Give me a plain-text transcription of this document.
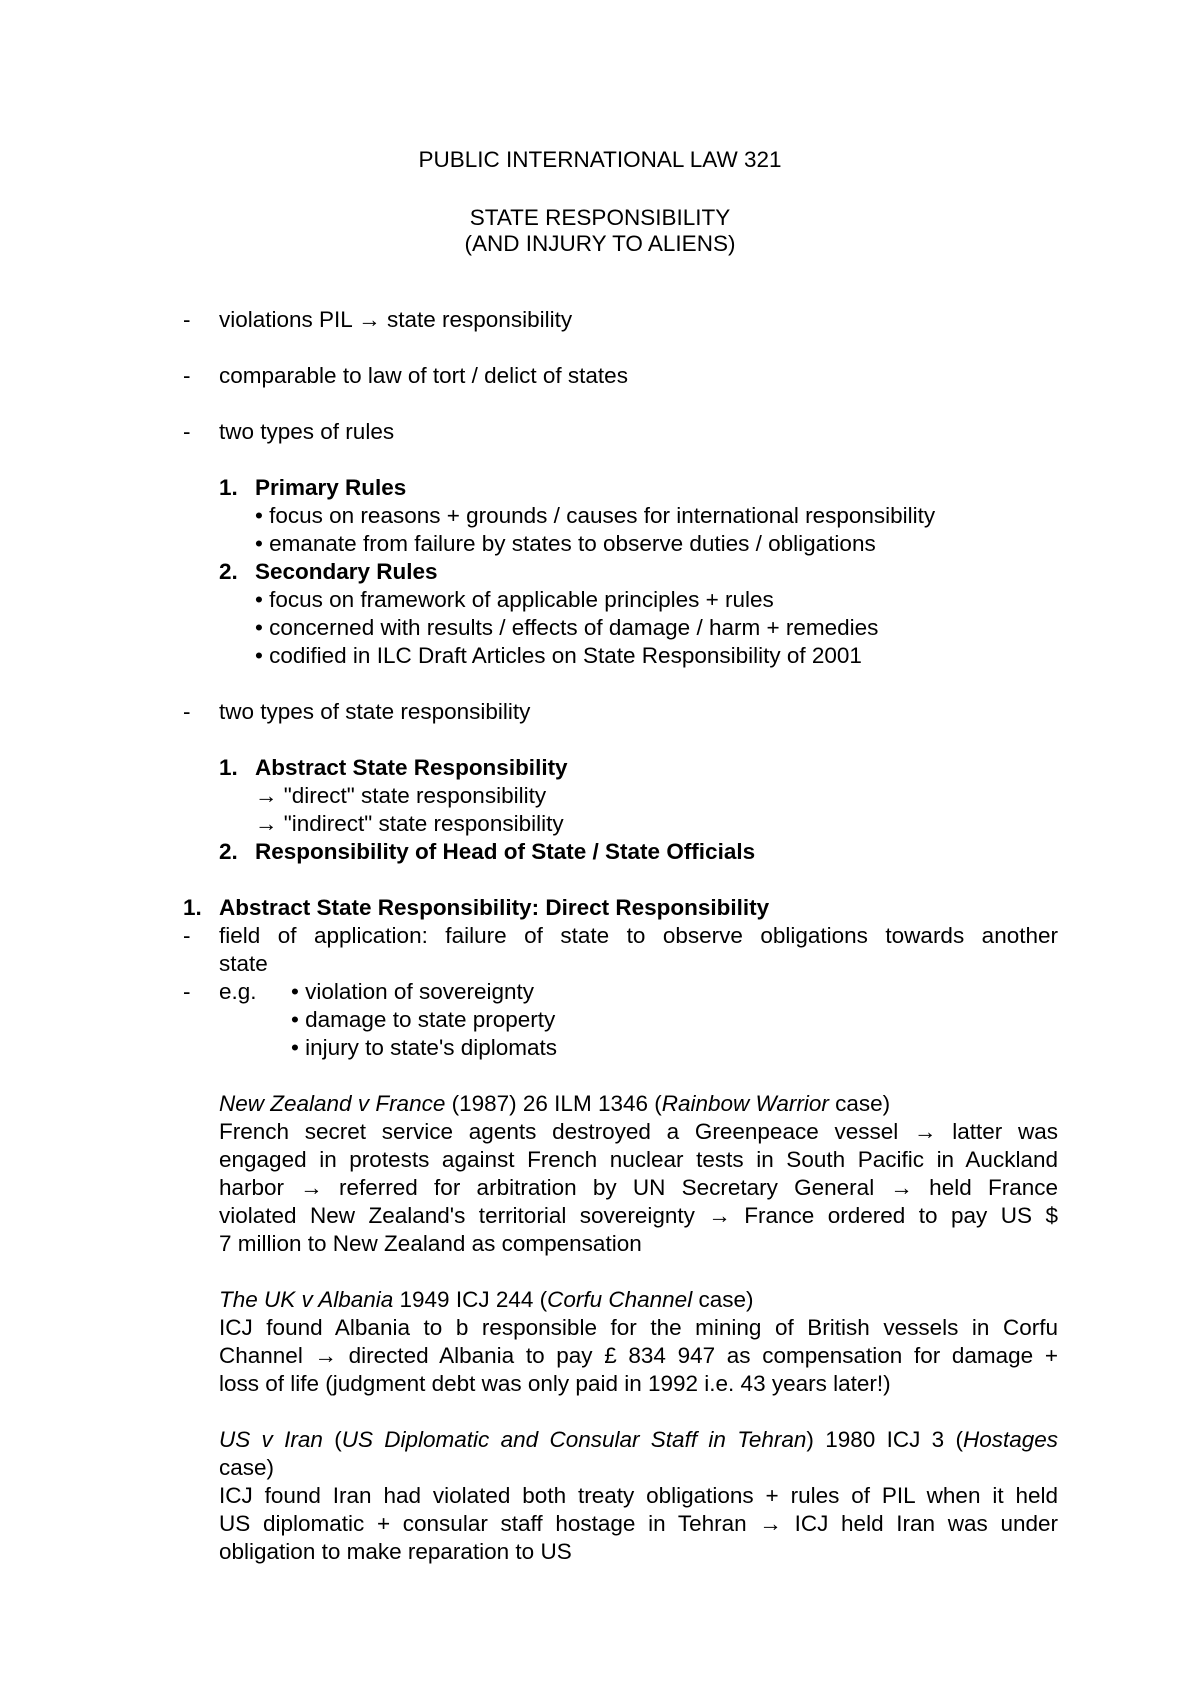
PUBLIC INTERNATIONAL LAW 321
STATE RESPONSIBILITY
(AND INJURY TO ALIENS)
- violations PIL → state responsibility
- comparable to law of tort / delict of states
- two types of rules
1. Primary Rules
• focus on reasons + grounds / causes for international responsibility
• emanate from failure by states to observe duties / obligations
2. Secondary Rules
• focus on framework of applicable principles + rules
• concerned with results / effects of damage / harm + remedies
• codified in ILC Draft Articles on State Responsibility of 2001
- two types of state responsibility
1. Abstract State Responsibility
→ "direct" state responsibility
→ "indirect" state responsibility
2. Responsibility of Head of State / State Officials
1. Abstract State Responsibility: Direct Responsibility
- field of application: failure of state to observe obligations towards another
state
- e.g. • violation of sovereignty
• damage to state property
• injury to state's diplomats
New Zealand v France (1987) 26 ILM 1346 (Rainbow Warrior case)
French secret service agents destroyed a Greenpeace vessel → latter was
engaged in protests against French nuclear tests in South Pacific in Auckland
harbor → referred for arbitration by UN Secretary General → held France
violated New Zealand's territorial sovereignty → France ordered to pay US $
7 million to New Zealand as compensation
The UK v Albania 1949 ICJ 244 (Corfu Channel case)
ICJ found Albania to b responsible for the mining of British vessels in Corfu
Channel → directed Albania to pay £ 834 947 as compensation for damage +
loss of life (judgment debt was only paid in 1992 i.e. 43 years later!)
US v Iran (US Diplomatic and Consular Staff in Tehran) 1980 ICJ 3 (Hostages
case)
ICJ found Iran had violated both treaty obligations + rules of PIL when it held
US diplomatic + consular staff hostage in Tehran → ICJ held Iran was under
obligation to make reparation to US
